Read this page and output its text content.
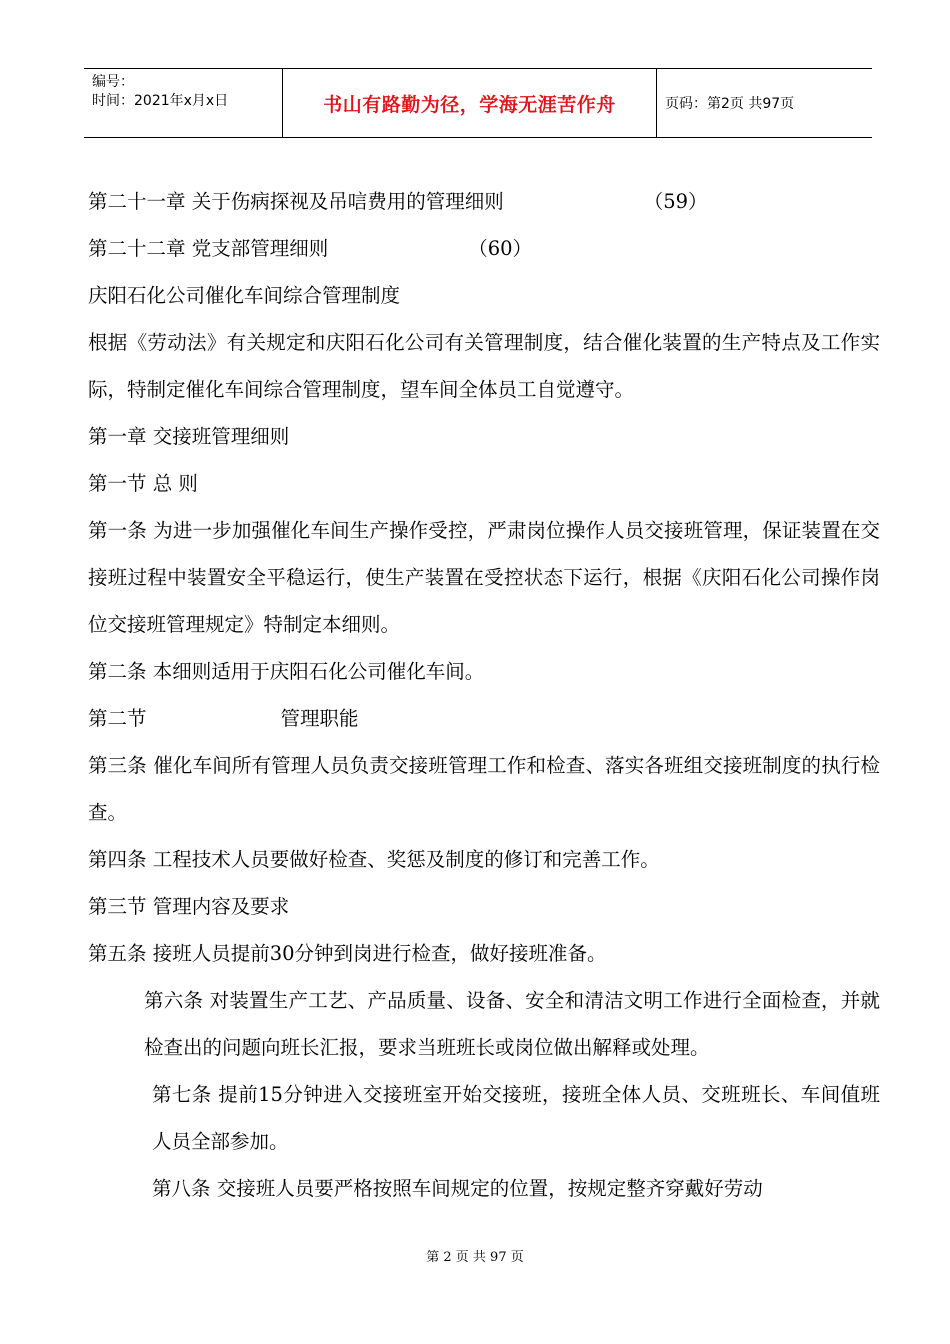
编号：
时间：2021年x月x日	书山有路勤为径，学海无涯苦作舟	页码：第2页 共97页
第二十一章 关于伤病探视及吊唁费用的管理细则	（59）
第二十二章 党支部管理细则	（60）
庆阳石化公司催化车间综合管理制度
根据《劳动法》有关规定和庆阳石化公司有关管理制度，结合催化装置的生产特点及工作实际，特制定催化车间综合管理制度，望车间全体员工自觉遵守。
第一章 交接班管理细则
第一节 总 则
第一条 为进一步加强催化车间生产操作受控，严肃岗位操作人员交接班管理，保证装置在交接班过程中装置安全平稳运行，使生产装置在受控状态下运行，根据《庆阳石化公司操作岗位交接班管理规定》特制定本细则。
第二条 本细则适用于庆阳石化公司催化车间。
第二节	管理职能
第三条 催化车间所有管理人员负责交接班管理工作和检查、落实各班组交接班制度的执行检查。
第四条 工程技术人员要做好检查、奖惩及制度的修订和完善工作。
第三节 管理内容及要求
第五条 接班人员提前30分钟到岗进行检查，做好接班准备。
第六条 对装置生产工艺、产品质量、设备、安全和清洁文明工作进行全面检查，并就检查出的问题向班长汇报，要求当班班长或岗位做出解释或处理。
第七条 提前15分钟进入交接班室开始交接班，接班全体人员、交班班长、车间值班人员全部参加。
第八条 交接班人员要严格按照车间规定的位置，按规定整齐穿戴好劳动
第 2 页 共 97 页
